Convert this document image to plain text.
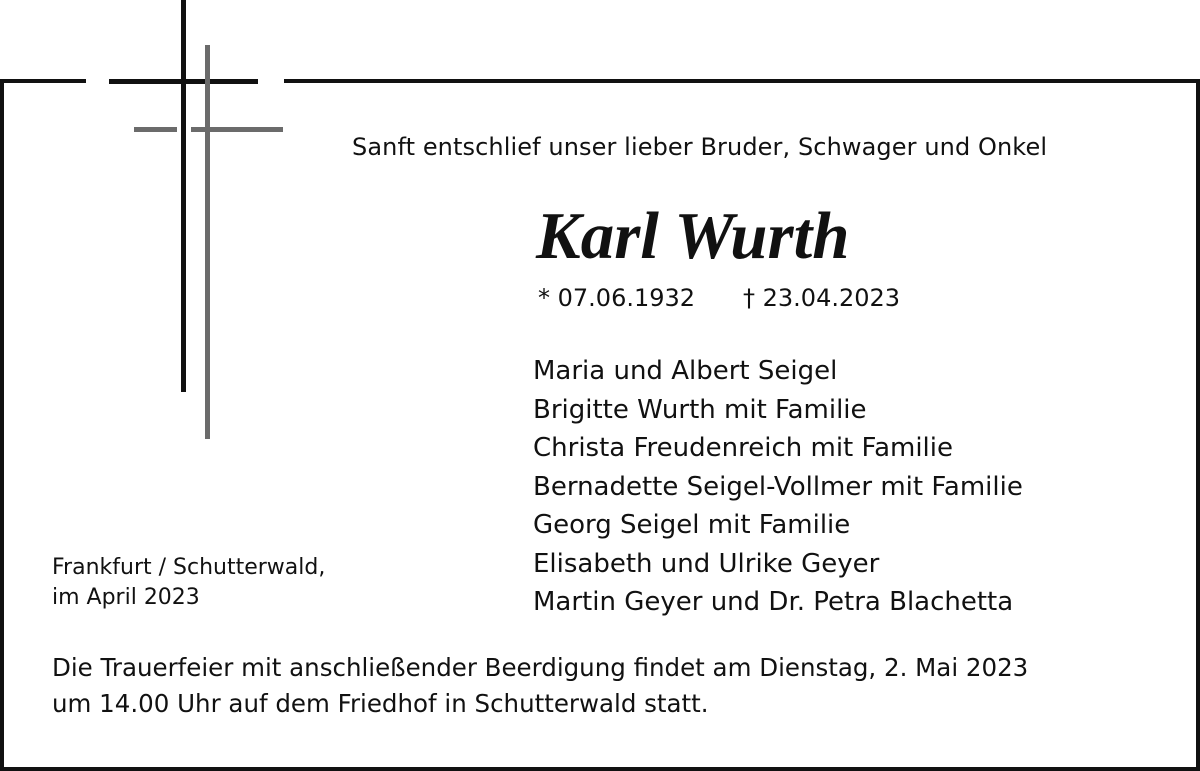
Sanft entschlief unser lieber Bruder, Schwager und Onkel
Karl Wurth
* 07.06.1932 † 23.04.2023
Maria und Albert Seigel
Brigitte Wurth mit Familie
Christa Freudenreich mit Familie
Bernadette Seigel-Vollmer mit Familie
Georg Seigel mit Familie
Elisabeth und Ulrike Geyer
Martin Geyer und Dr. Petra Blachetta
Frankfurt / Schutterwald,
im April 2023
Die Trauerfeier mit anschließender Beerdigung findet am Dienstag, 2. Mai 2023
um 14.00 Uhr auf dem Friedhof in Schutterwald statt.
